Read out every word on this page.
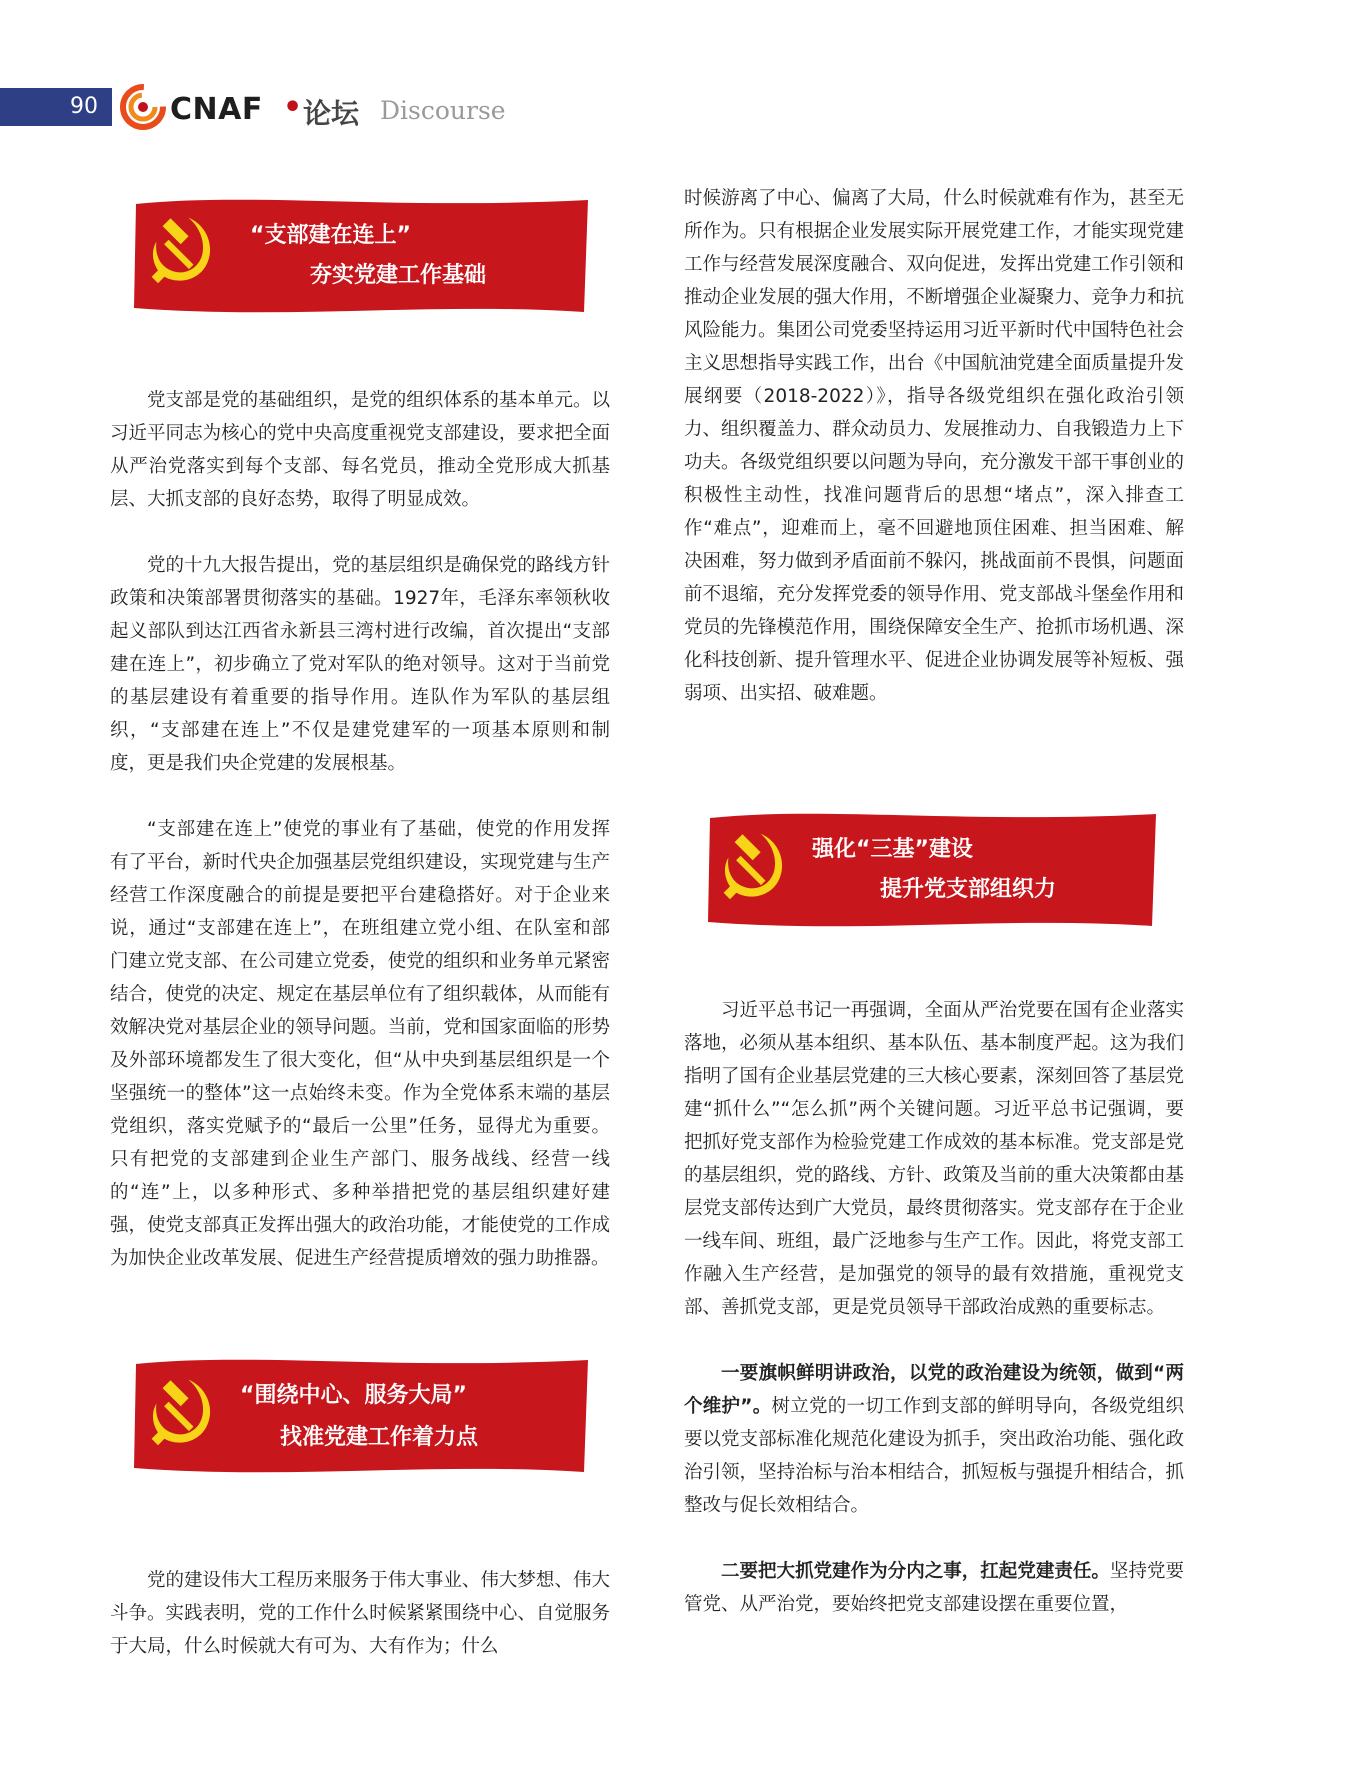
90 CNAF • 论坛 Discourse
“支部建在连上”
夯实党建工作基础
“围绕中心、服务大局”
找准党建工作着力点
强化“三基”建设
提升党支部组织力

党支部是党的基础组织，是党的组织体系的基本单元。以习近平同志为核心的党中央高度重视党支部建设，要求把全面从严治党落实到每个支部、每名党员，推动全党形成大抓基层、大抓支部的良好态势，取得了明显成效。

党的十九大报告提出，党的基层组织是确保党的路线方针政策和决策部署贯彻落实的基础。1927年，毛泽东率领秋收起义部队到达江西省永新县三湾村进行改编，首次提出“支部建在连上”，初步确立了党对军队的绝对领导。这对于当前党的基层建设有着重要的指导作用。连队作为军队的基层组织，“支部建在连上”不仅是建党建军的一项基本原则和制度，更是我们央企党建的发展根基。

“支部建在连上”使党的事业有了基础，使党的作用发挥有了平台，新时代央企加强基层党组织建设，实现党建与生产经营工作深度融合的前提是要把平台建稳搭好。对于企业来说，通过“支部建在连上”，在班组建立党小组、在队室和部门建立党支部、在公司建立党委，使党的组织和业务单元紧密结合，使党的决定、规定在基层单位有了组织载体，从而能有效解决党对基层企业的领导问题。当前，党和国家面临的形势及外部环境都发生了很大变化，但“从中央到基层组织是一个坚强统一的整体”这一点始终未变。作为全党体系末端的基层党组织，落实党赋予的“最后一公里”任务，显得尤为重要。只有把党的支部建到企业生产部门、服务战线、经营一线的“连”上，以多种形式、多种举措把党的基层组织建好建强，使党支部真正发挥出强大的政治功能，才能使党的工作成为加快企业改革发展、促进生产经营提质增效的强力助推器。

党的建设伟大工程历来服务于伟大事业、伟大梦想、伟大斗争。实践表明，党的工作什么时候紧紧围绕中心、自觉服务于大局，什么时候就大有可为、大有作为；什么

时候游离了中心、偏离了大局，什么时候就难有作为，甚至无所作为。只有根据企业发展实际开展党建工作，才能实现党建工作与经营发展深度融合、双向促进，发挥出党建工作引领和推动企业发展的强大作用，不断增强企业凝聚力、竞争力和抗风险能力。集团公司党委坚持运用习近平新时代中国特色社会主义思想指导实践工作，出台《中国航油党建全面质量提升发展纲要（2018-2022）》，指导各级党组织在强化政治引领力、组织覆盖力、群众动员力、发展推动力、自我锻造力上下功夫。各级党组织要以问题为导向，充分激发干部干事创业的积极性主动性，找准问题背后的思想“堵点”，深入排查工作“难点”，迎难而上，毫不回避地顶住困难、担当困难、解决困难，努力做到矛盾面前不躲闪，挑战面前不畏惧，问题面前不退缩，充分发挥党委的领导作用、党支部战斗堡垒作用和党员的先锋模范作用，围绕保障安全生产、抢抓市场机遇、深化科技创新、提升管理水平、促进企业协调发展等补短板、强弱项、出实招、破难题。

习近平总书记一再强调，全面从严治党要在国有企业落实落地，必须从基本组织、基本队伍、基本制度严起。这为我们指明了国有企业基层党建的三大核心要素，深刻回答了基层党建“抓什么”“怎么抓”两个关键问题。习近平总书记强调，要把抓好党支部作为检验党建工作成效的基本标准。党支部是党的基层组织，党的路线、方针、政策及当前的重大决策都由基层党支部传达到广大党员，最终贯彻落实。党支部存在于企业一线车间、班组，最广泛地参与生产工作。因此，将党支部工作融入生产经营，是加强党的领导的最有效措施，重视党支部、善抓党支部，更是党员领导干部政治成熟的重要标志。

一要旗帜鲜明讲政治，以党的政治建设为统领，做到“两个维护”。树立党的一切工作到支部的鲜明导向，各级党组织要以党支部标准化规范化建设为抓手，突出政治功能、强化政治引领，坚持治标与治本相结合，抓短板与强提升相结合，抓整改与促长效相结合。

二要把大抓党建作为分内之事，扛起党建责任。坚持党要管党、从严治党，要始终把党支部建设摆在重要位置，
